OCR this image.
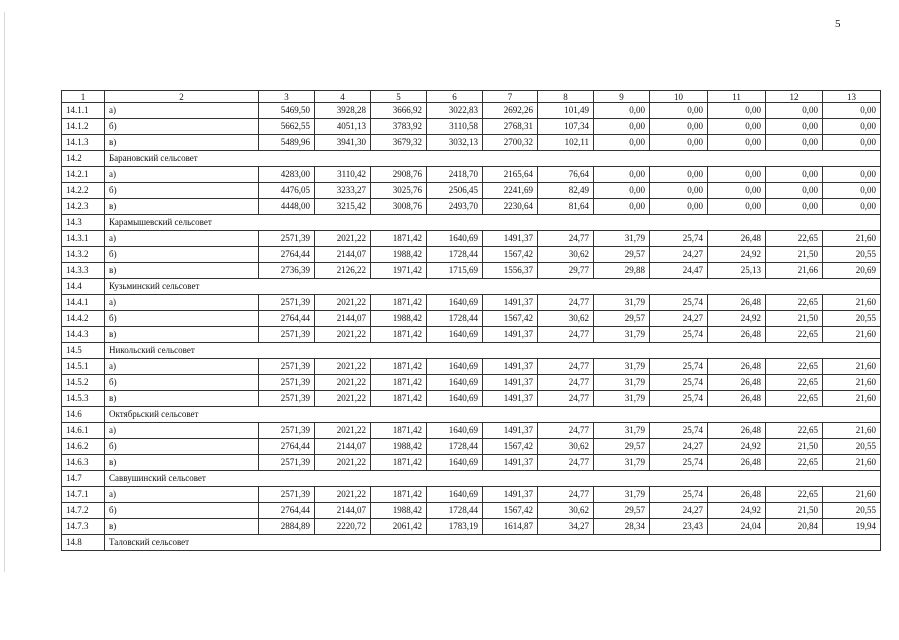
5
1	2	3	4	5	6	7	8	9	10	11	12	13
14.1.1	а)	5469,50	3928,28	3666,92	3022,83	2692,26	101,49	0,00	0,00	0,00	0,00	0,00
14.1.2	б)	5662,55	4051,13	3783,92	3110,58	2768,31	107,34	0,00	0,00	0,00	0,00	0,00
14.1.3	в)	5489,96	3941,30	3679,32	3032,13	2700,32	102,11	0,00	0,00	0,00	0,00	0,00
14.2	Барановский сельсовет											
14.2.1	а)	4283,00	3110,42	2908,76	2418,70	2165,64	76,64	0,00	0,00	0,00	0,00	0,00
14.2.2	б)	4476,05	3233,27	3025,76	2506,45	2241,69	82,49	0,00	0,00	0,00	0,00	0,00
14.2.3	в)	4448,00	3215,42	3008,76	2493,70	2230,64	81,64	0,00	0,00	0,00	0,00	0,00
14.3	Карамышевский сельсовет											
14.3.1	а)	2571,39	2021,22	1871,42	1640,69	1491,37	24,77	31,79	25,74	26,48	22,65	21,60
14.3.2	б)	2764,44	2144,07	1988,42	1728,44	1567,42	30,62	29,57	24,27	24,92	21,50	20,55
14.3.3	в)	2736,39	2126,22	1971,42	1715,69	1556,37	29,77	29,88	24,47	25,13	21,66	20,69
14.4	Кузьминский сельсовет											
14.4.1	а)	2571,39	2021,22	1871,42	1640,69	1491,37	24,77	31,79	25,74	26,48	22,65	21,60
14.4.2	б)	2764,44	2144,07	1988,42	1728,44	1567,42	30,62	29,57	24,27	24,92	21,50	20,55
14.4.3	в)	2571,39	2021,22	1871,42	1640,69	1491,37	24,77	31,79	25,74	26,48	22,65	21,60
14.5	Никольский сельсовет											
14.5.1	а)	2571,39	2021,22	1871,42	1640,69	1491,37	24,77	31,79	25,74	26,48	22,65	21,60
14.5.2	б)	2571,39	2021,22	1871,42	1640,69	1491,37	24,77	31,79	25,74	26,48	22,65	21,60
14.5.3	в)	2571,39	2021,22	1871,42	1640,69	1491,37	24,77	31,79	25,74	26,48	22,65	21,60
14.6	Октябрьский сельсовет											
14.6.1	а)	2571,39	2021,22	1871,42	1640,69	1491,37	24,77	31,79	25,74	26,48	22,65	21,60
14.6.2	б)	2764,44	2144,07	1988,42	1728,44	1567,42	30,62	29,57	24,27	24,92	21,50	20,55
14.6.3	в)	2571,39	2021,22	1871,42	1640,69	1491,37	24,77	31,79	25,74	26,48	22,65	21,60
14.7	Саввушинский сельсовет											
14.7.1	а)	2571,39	2021,22	1871,42	1640,69	1491,37	24,77	31,79	25,74	26,48	22,65	21,60
14.7.2	б)	2764,44	2144,07	1988,42	1728,44	1567,42	30,62	29,57	24,27	24,92	21,50	20,55
14.7.3	в)	2884,89	2220,72	2061,42	1783,19	1614,87	34,27	28,34	23,43	24,04	20,84	19,94
14.8	Таловский сельсовет											
